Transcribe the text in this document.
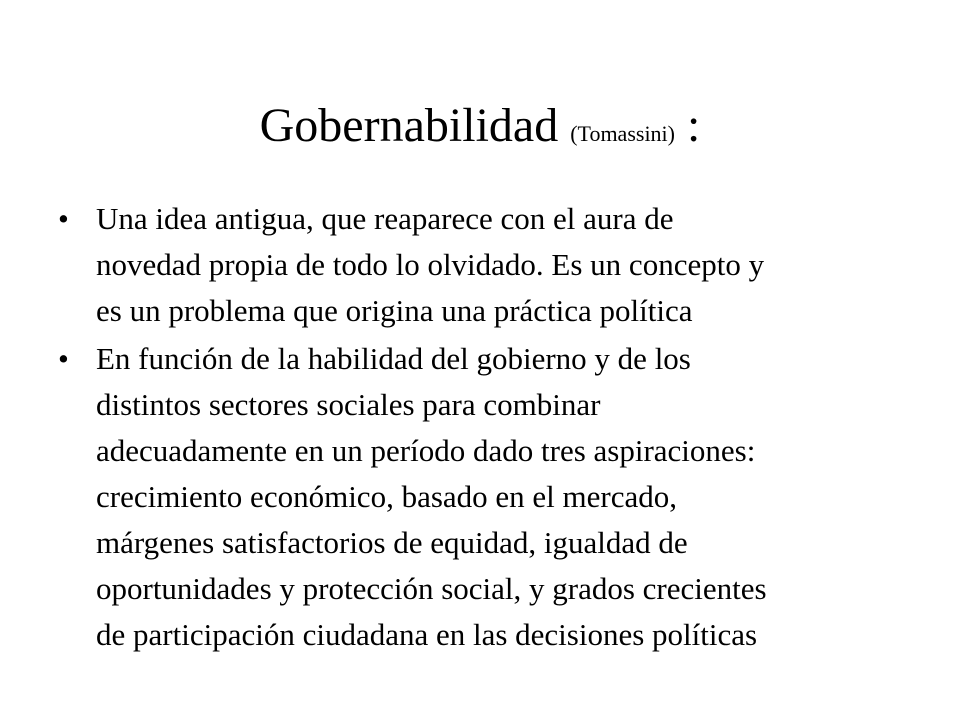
Gobernabilidad (Tomassini) :
• Una idea antigua, que reaparece con el aura de
novedad propia de todo lo olvidado. Es un concepto y
es un problema que origina una práctica política
• En función de la habilidad del gobierno y de los
distintos sectores sociales para combinar
adecuadamente en un período dado tres aspiraciones:
crecimiento económico, basado en el mercado,
márgenes satisfactorios de equidad, igualdad de
oportunidades y protección social, y grados crecientes
de participación ciudadana en las decisiones políticas
